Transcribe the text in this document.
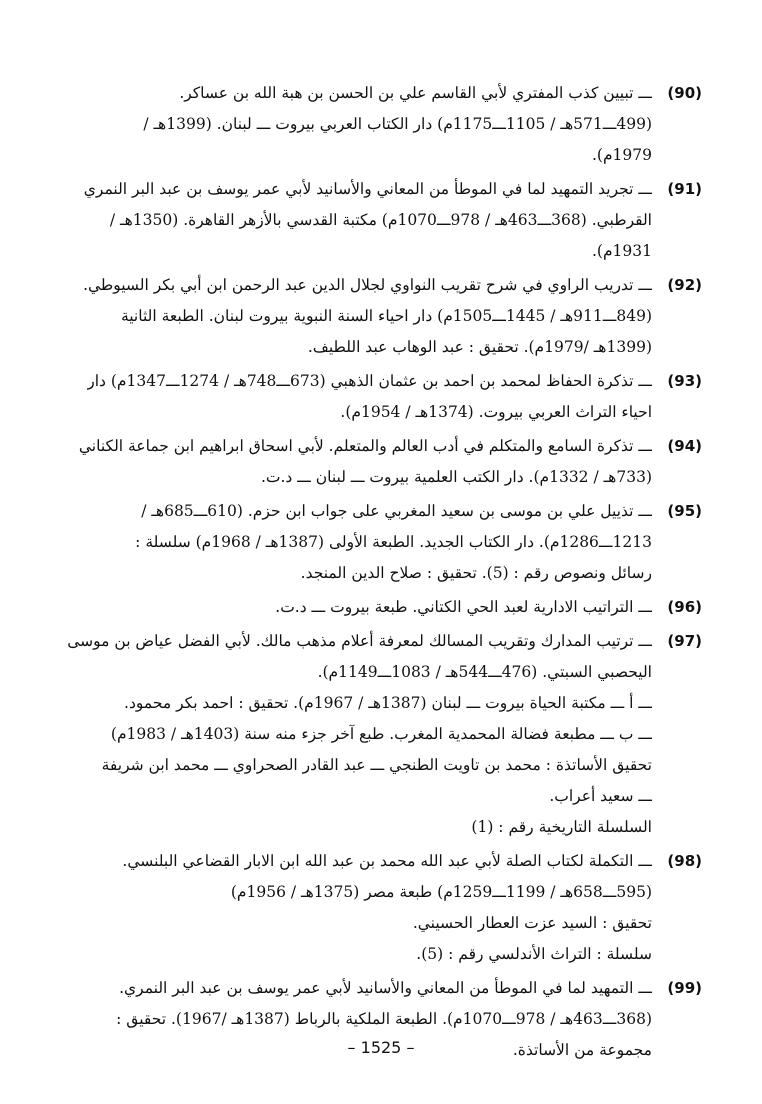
(90)
ـــ تبيين كذب المفتري لأبي القاسم علي بن الحسن بن هبة الله بن عساكر.
(499ـــ571هـ / 1105ـــ1175م) دار الكتاب العربي بيروت ـــ لبنان. (1399هـ /
1979م).
(91)
ـــ تجريد التمهيد لما في الموطأ من المعاني والأسانيد لأبي عمر يوسف بن عبد البر النمري
القرطبي. (368ـــ463هـ / 978ـــ1070م) مكتبة القدسي بالأزهر القاهرة. (1350هـ /
1931م).
(92)
ـــ تدريب الراوي في شرح تقريب النواوي لجلال الدين عبد الرحمن ابن أبي بكر السيوطي.
(849ـــ911هـ / 1445ـــ1505م) دار احياء السنة النبوية بيروت لبنان. الطبعة الثانية
(1399هـ /1979م). تحقيق : عبد الوهاب عبد اللطيف.
(93)
ـــ تذكرة الحفاظ لمحمد بن احمد بن عثمان الذهبي (673ـــ748هـ / 1274ـــ1347م) دار
احياء التراث العربي بيروت. (1374هـ / 1954م).
(94)
ـــ تذكرة السامع والمتكلم في أدب العالم والمتعلم. لأبي اسحاق ابراهيم ابن جماعة الكناني
(733هـ / 1332م). دار الكتب العلمية بيروت ـــ لبنان ـــ د.ت.
(95)
ـــ تذييل علي بن موسى بن سعيد المغربي على جواب ابن حزم. (610ـــ685هـ /
1213ـــ1286م). دار الكتاب الجديد. الطبعة الأولى (1387هـ / 1968م) سلسلة :
رسائل ونصوص رقم : (5). تحقيق : صلاح الدين المنجد.
(96)
ـــ التراتيب الادارية لعبد الحي الكتاني. طبعة بيروت ـــ د.ت.
(97)
ـــ ترتيب المدارك وتقريب المسالك لمعرفة أعلام مذهب مالك. لأبي الفضل عياض بن موسى
اليحصبي السبتي. (476ـــ544هـ / 1083ـــ1149م).
ـــ أ ـــ مكتبة الحياة بيروت ـــ لبنان (1387هـ / 1967م). تحقيق : احمد بكر محمود.
ـــ ب ـــ مطبعة فضالة المحمدية المغرب. طبع آخر جزء منه سنة (1403هـ / 1983م)
تحقيق الأساتذة : محمد بن تاويت الطنجي ـــ عبد القادر الصحراوي ـــ محمد ابن شريفة
ـــ سعيد أعراب.
السلسلة التاريخية رقم : (1)
(98)
ـــ التكملة لكتاب الصلة لأبي عبد الله محمد بن عبد الله ابن الابار القضاعي البلنسي.
(595ـــ658هـ / 1199ـــ1259م) طبعة مصر (1375هـ / 1956م)
تحقيق : السيد عزت العطار الحسيني.
سلسلة : التراث الأندلسي رقم : (5).
(99)
ـــ التمهيد لما في الموطأ من المعاني والأسانيد لأبي عمر يوسف بن عبد البر النمري.
(368ـــ463هـ / 978ـــ1070م). الطبعة الملكية بالرباط (1387هـ /1967). تحقيق :
مجموعة من الأساتذة.
– 1525 –
